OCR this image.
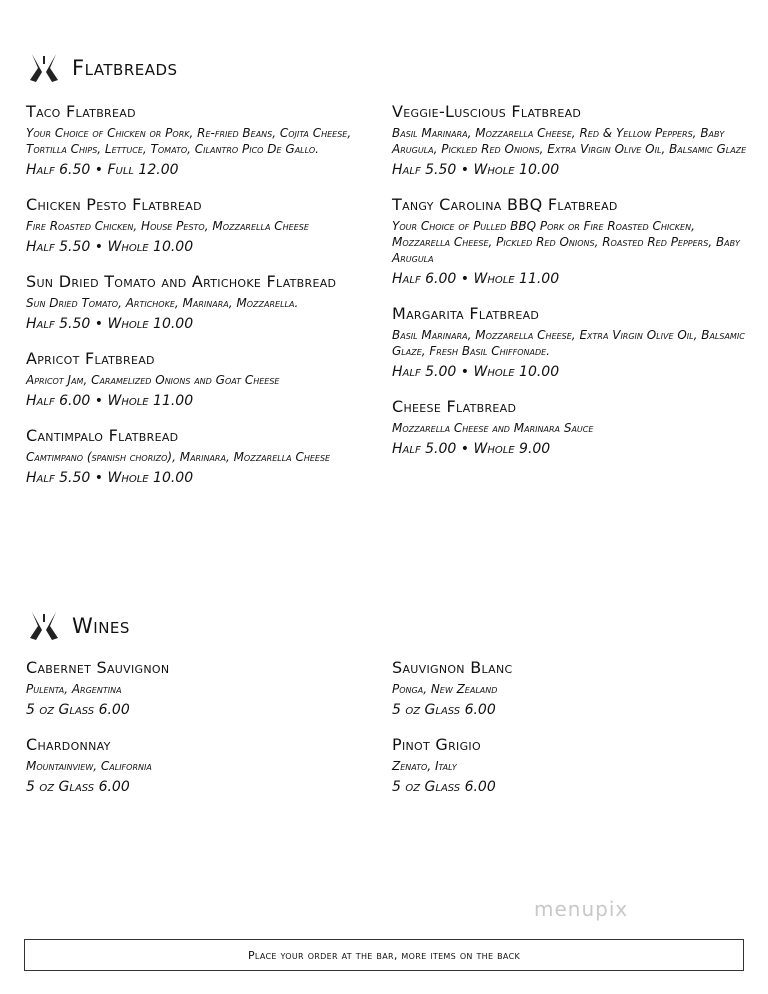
Flatbreads
Taco Flatbread
Your Choice of Chicken or Pork, Re-fried Beans, Cojita Cheese, Tortilla Chips, Lettuce, Tomato, Cilantro Pico De Gallo.
Half 6.50 • Full 12.00
Chicken Pesto Flatbread
Fire Roasted Chicken, House Pesto, Mozzarella Cheese
Half 5.50 • Whole 10.00
Sun Dried Tomato and Artichoke Flatbread
Sun Dried Tomato, Artichoke, Marinara, Mozzarella.
Half 5.50 • Whole 10.00
Apricot Flatbread
Apricot Jam, Caramelized Onions and Goat Cheese
Half 6.00 • Whole 11.00
Cantimpalo Flatbread
Camtimpano (spanish chorizo), Marinara, Mozzarella Cheese
Half 5.50 • Whole 10.00
Veggie-Luscious Flatbread
Basil Marinara, Mozzarella Cheese, Red & Yellow Peppers, Baby Arugula, Pickled Red Onions, Extra Virgin Olive Oil, Balsamic Glaze
Half 5.50 • Whole 10.00
Tangy Carolina BBQ Flatbread
Your Choice of Pulled BBQ Pork or Fire Roasted Chicken, Mozzarella Cheese, Pickled Red Onions, Roasted Red Peppers, Baby Arugula
Half 6.00 • Whole 11.00
Margarita Flatbread
Basil Marinara, Mozzarella Cheese, Extra Virgin Olive Oil, Balsamic Glaze, Fresh Basil Chiffonade.
Half 5.00 • Whole 10.00
Cheese Flatbread
Mozzarella Cheese and Marinara Sauce
Half 5.00 • Whole 9.00
Wines
Cabernet Sauvignon
Pulenta, Argentina
5 oz Glass 6.00
Chardonnay
Mountainview, California
5 oz Glass 6.00
Sauvignon Blanc
Ponga, New Zealand
5 oz Glass 6.00
Pinot Grigio
Zenato, Italy
5 oz Glass 6.00
menupix
Place your order at the bar, more items on the back
